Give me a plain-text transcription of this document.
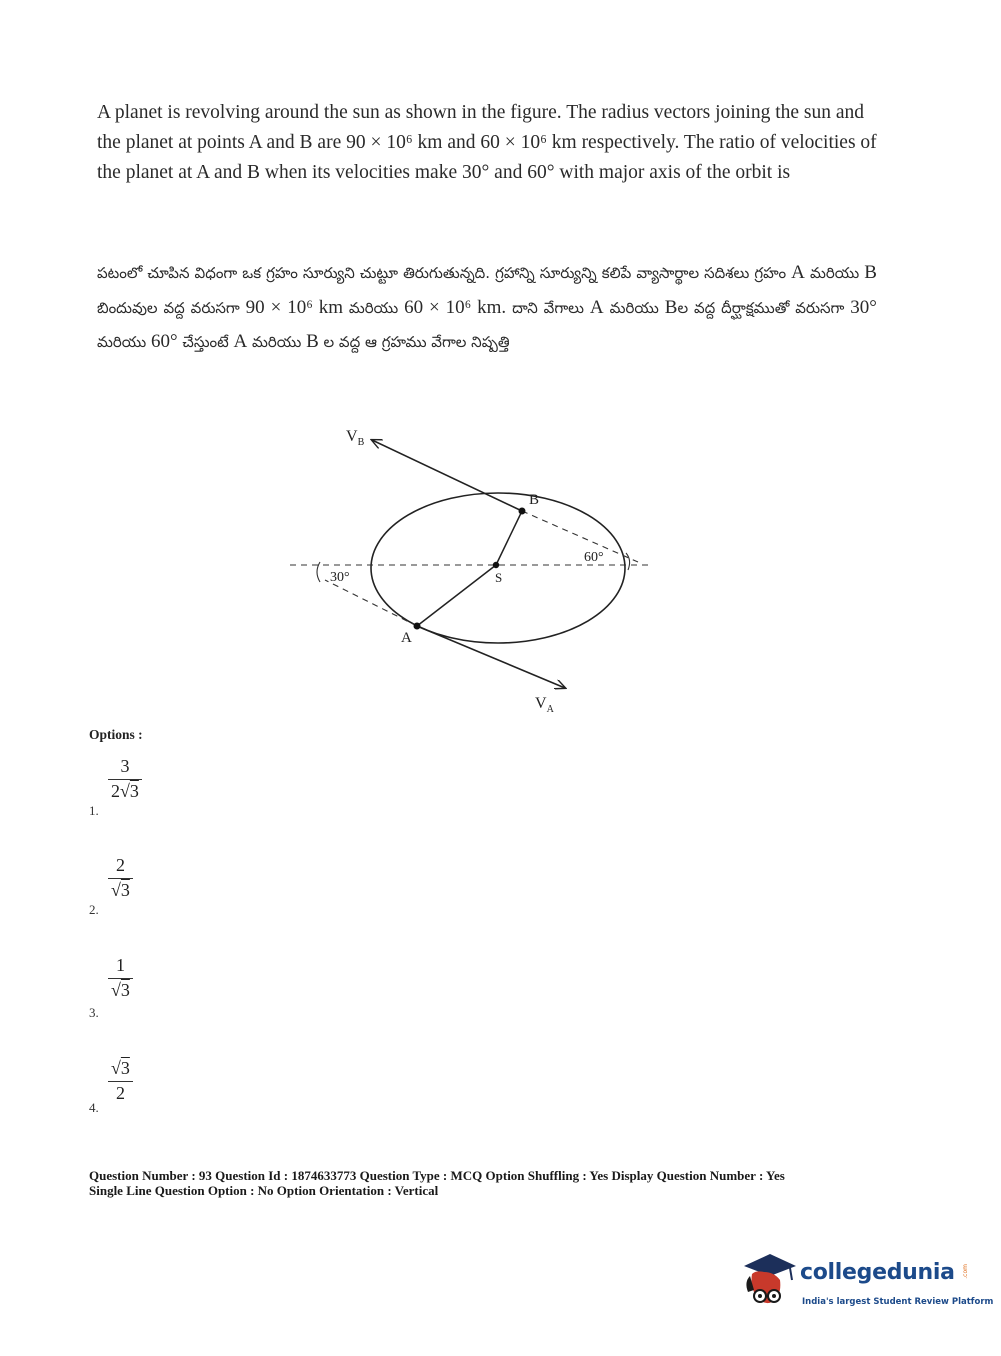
A planet is revolving around the sun as shown in the figure. The radius vectors joining the sun and the planet at points A and B are 90 × 10⁶ km and 60 × 10⁶ km respectively. The ratio of velocities of the planet at A and B when its velocities make 30° and 60° with major axis of the orbit is
పటంలో చూపిన విధంగా ఒక గ్రహం సూర్యుని చుట్టూ తిరుగుతున్నది. గ్రహాన్ని సూర్యున్ని కలిపే వ్యాసార్థాల సదిశలు గ్రహం A మరియు B బిందువుల వద్ద వరుసగా 90 × 10⁶ km మరియు 60 × 10⁶ km. దాని వేగాలు A మరియు Bల వద్ద దీర్ఘాక్షముతో వరుసగా 30° మరియు 60° చేస్తుంటే A మరియు B ల వద్ద ఆ గ్రహము వేగాల నిష్పత్తి
$V_B$
$V_A$
B
A
S
30°
60°
Options :
1.
3
2√3
2.
2
√3
3.
1
√3
4.
√3
2
Question Number : 93 Question Id : 1874633773 Question Type : MCQ Option Shuffling : Yes Display Question Number : Yes
Single Line Question Option : No Option Orientation : Vertical
collegedunia .com
India's largest Student Review Platform
